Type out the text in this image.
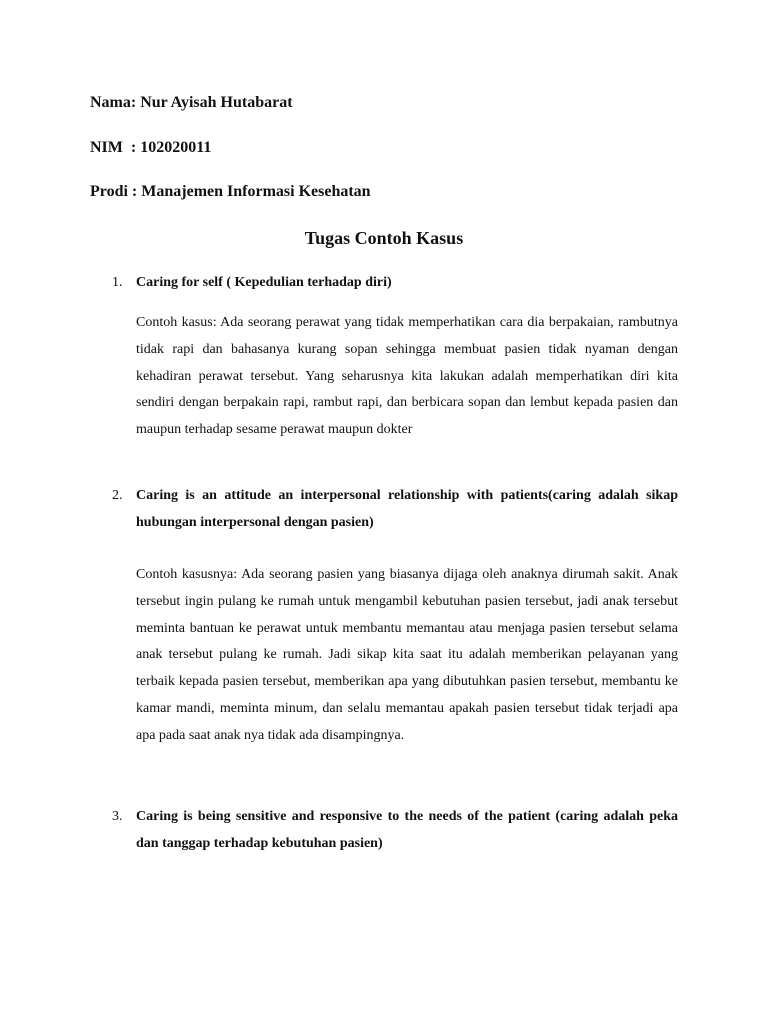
Nama: Nur Ayisah Hutabarat
NIM  : 102020011
Prodi : Manajemen Informasi Kesehatan
Tugas Contoh Kasus
1. Caring for self ( Kepedulian terhadap diri)
Contoh kasus: Ada seorang perawat yang tidak memperhatikan cara dia berpakaian, rambutnya tidak rapi dan bahasanya kurang sopan sehingga membuat pasien tidak nyaman dengan kehadiran perawat tersebut. Yang seharusnya kita lakukan adalah memperhatikan diri kita sendiri dengan berpakain rapi, rambut rapi, dan berbicara sopan dan lembut kepada pasien dan maupun terhadap sesame perawat maupun dokter
2. Caring is an attitude an interpersonal relationship with patients(caring adalah sikap hubungan interpersonal dengan pasien)
Contoh kasusnya: Ada seorang pasien yang biasanya dijaga oleh anaknya dirumah sakit. Anak tersebut ingin pulang ke rumah untuk mengambil kebutuhan pasien tersebut, jadi anak tersebut meminta bantuan ke perawat untuk membantu memantau atau menjaga pasien tersebut selama anak tersebut pulang ke rumah. Jadi sikap kita saat itu adalah memberikan pelayanan yang terbaik kepada pasien tersebut, memberikan apa yang dibutuhkan pasien tersebut, membantu ke kamar mandi, meminta minum, dan selalu memantau apakah pasien tersebut tidak terjadi apa apa pada saat anak nya tidak ada disampingnya.
3. Caring is being sensitive and responsive to the needs of the patient (caring adalah peka dan tanggap terhadap kebutuhan pasien)
